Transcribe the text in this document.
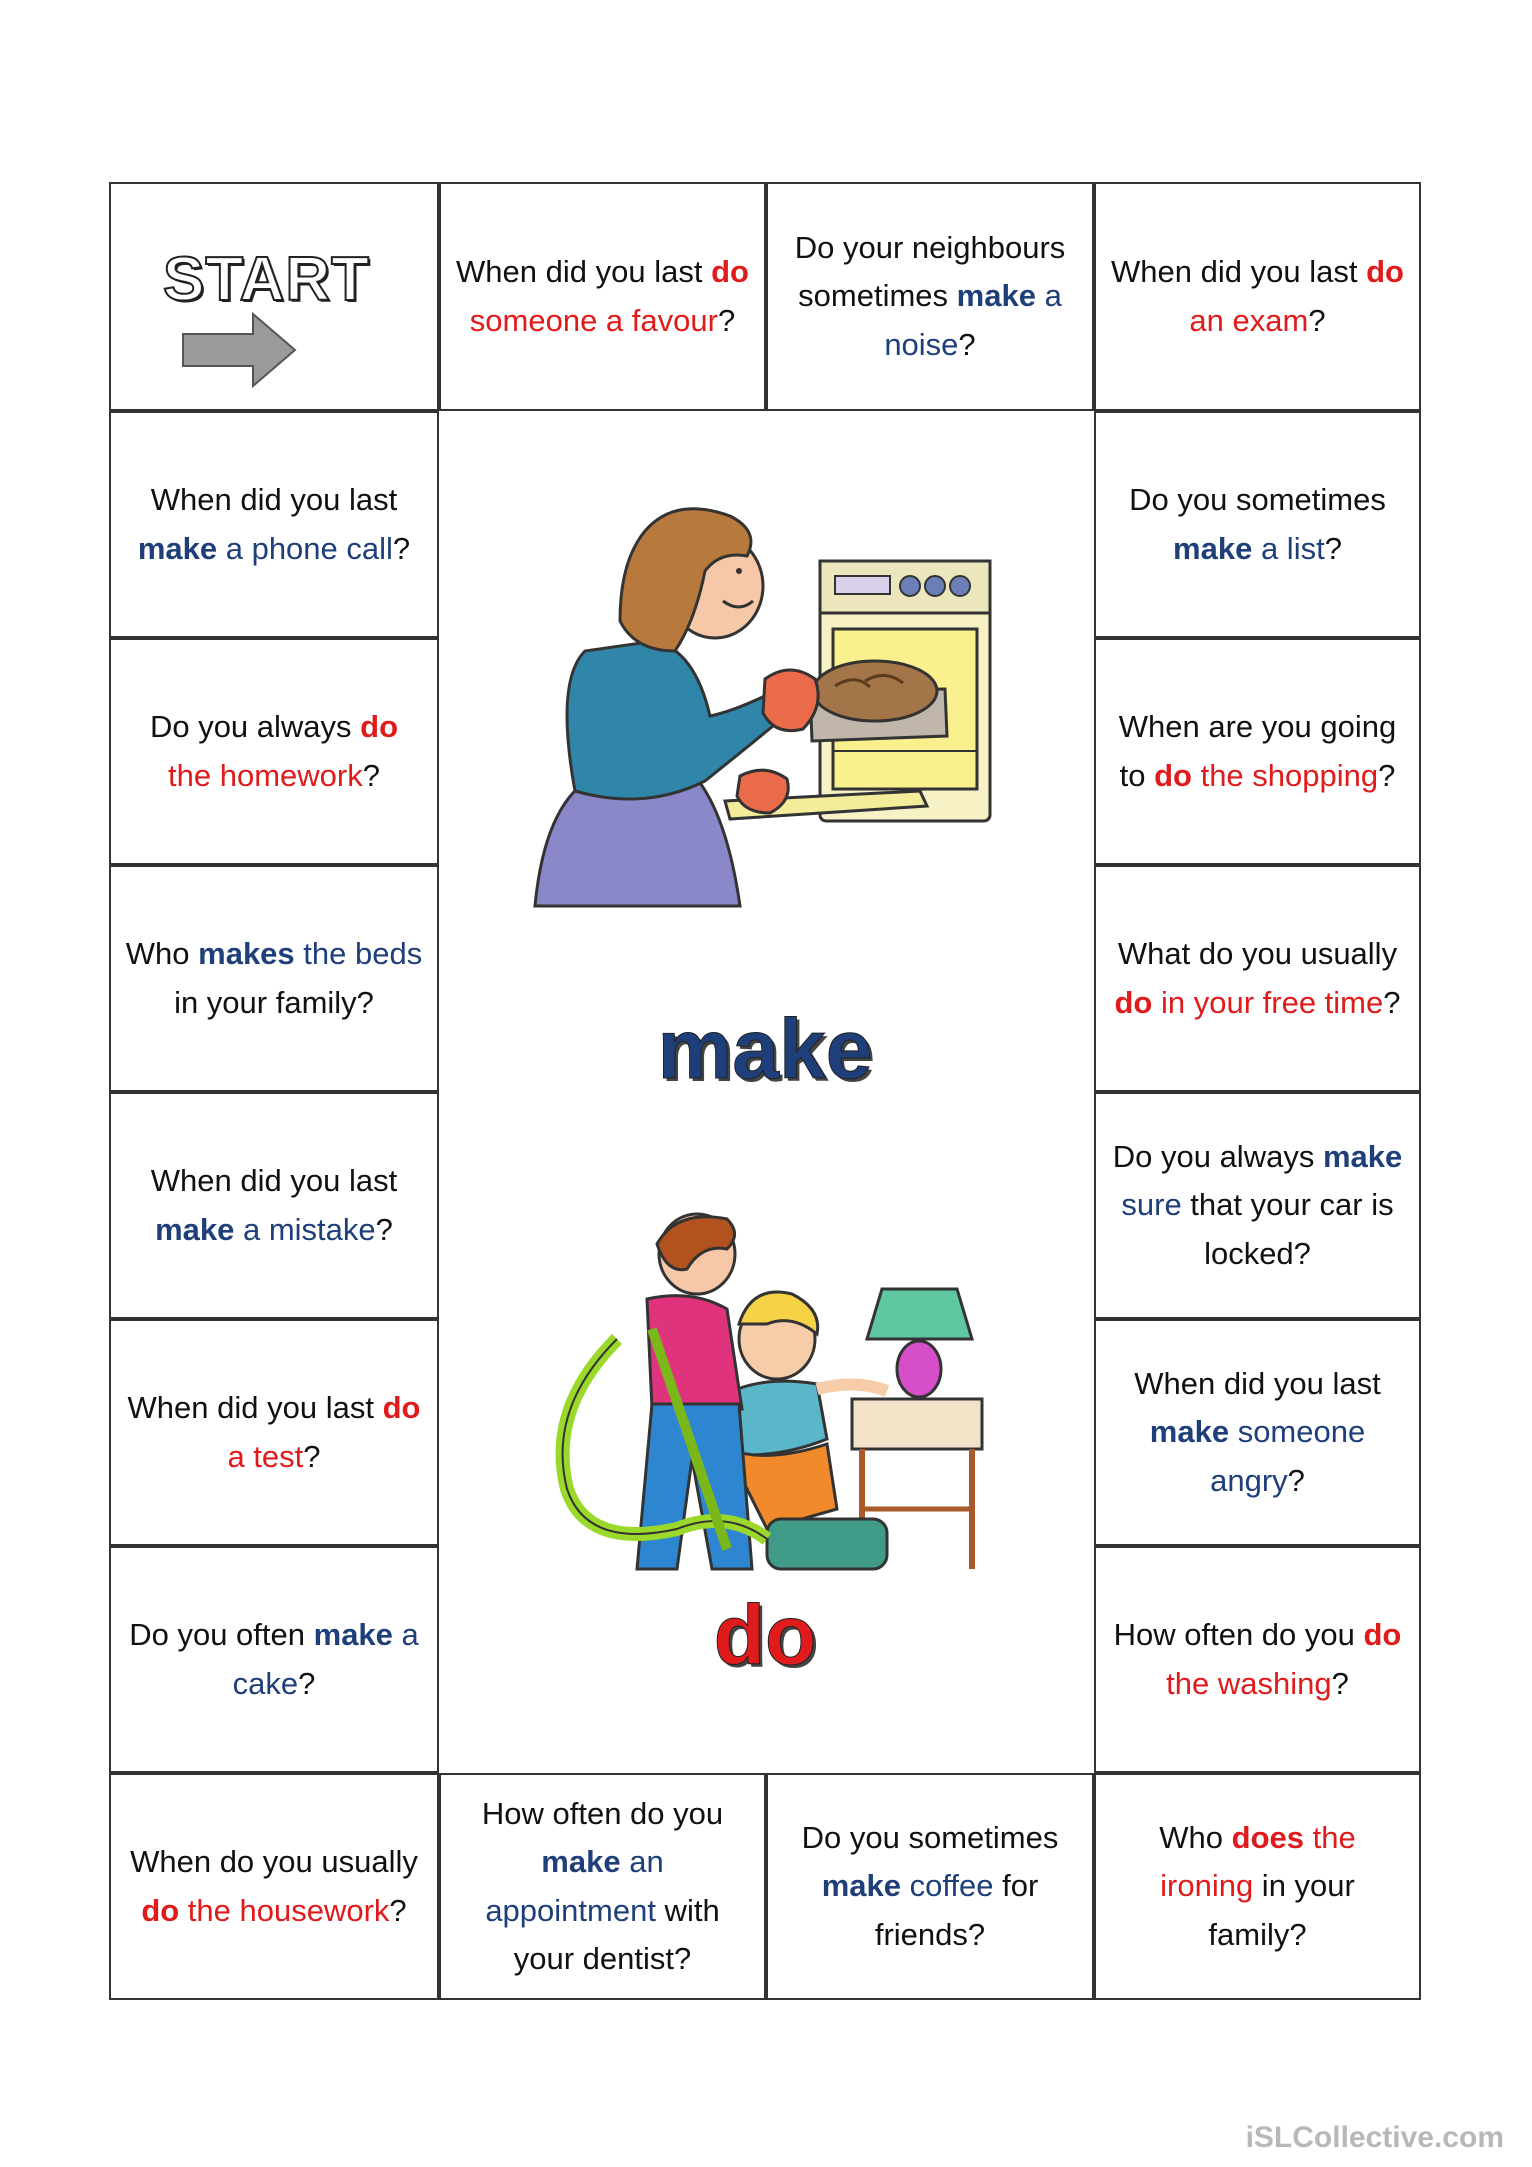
START	When did you last do someone a favour?
Do your neighbours sometimes make a noise?
When did you last do an exam?
When did you last make a phone call?
Do you sometimes make a list?
Do you always do the homework?
When are you going to do the shopping?
Who makes the beds in your family?
What do you usually do in your free time?
When did you last make a mistake?
Do you always make sure that your car is locked?
When did you last do a test?
When did you last make someone angry?
Do you often make a cake?
How often do you do the washing?
When do you usually do the housework?
How often do you make an appointment with your dentist?
Do you sometimes make coffee for friends?
Who does the ironing in your family?
make
do
iSLCollective.com
